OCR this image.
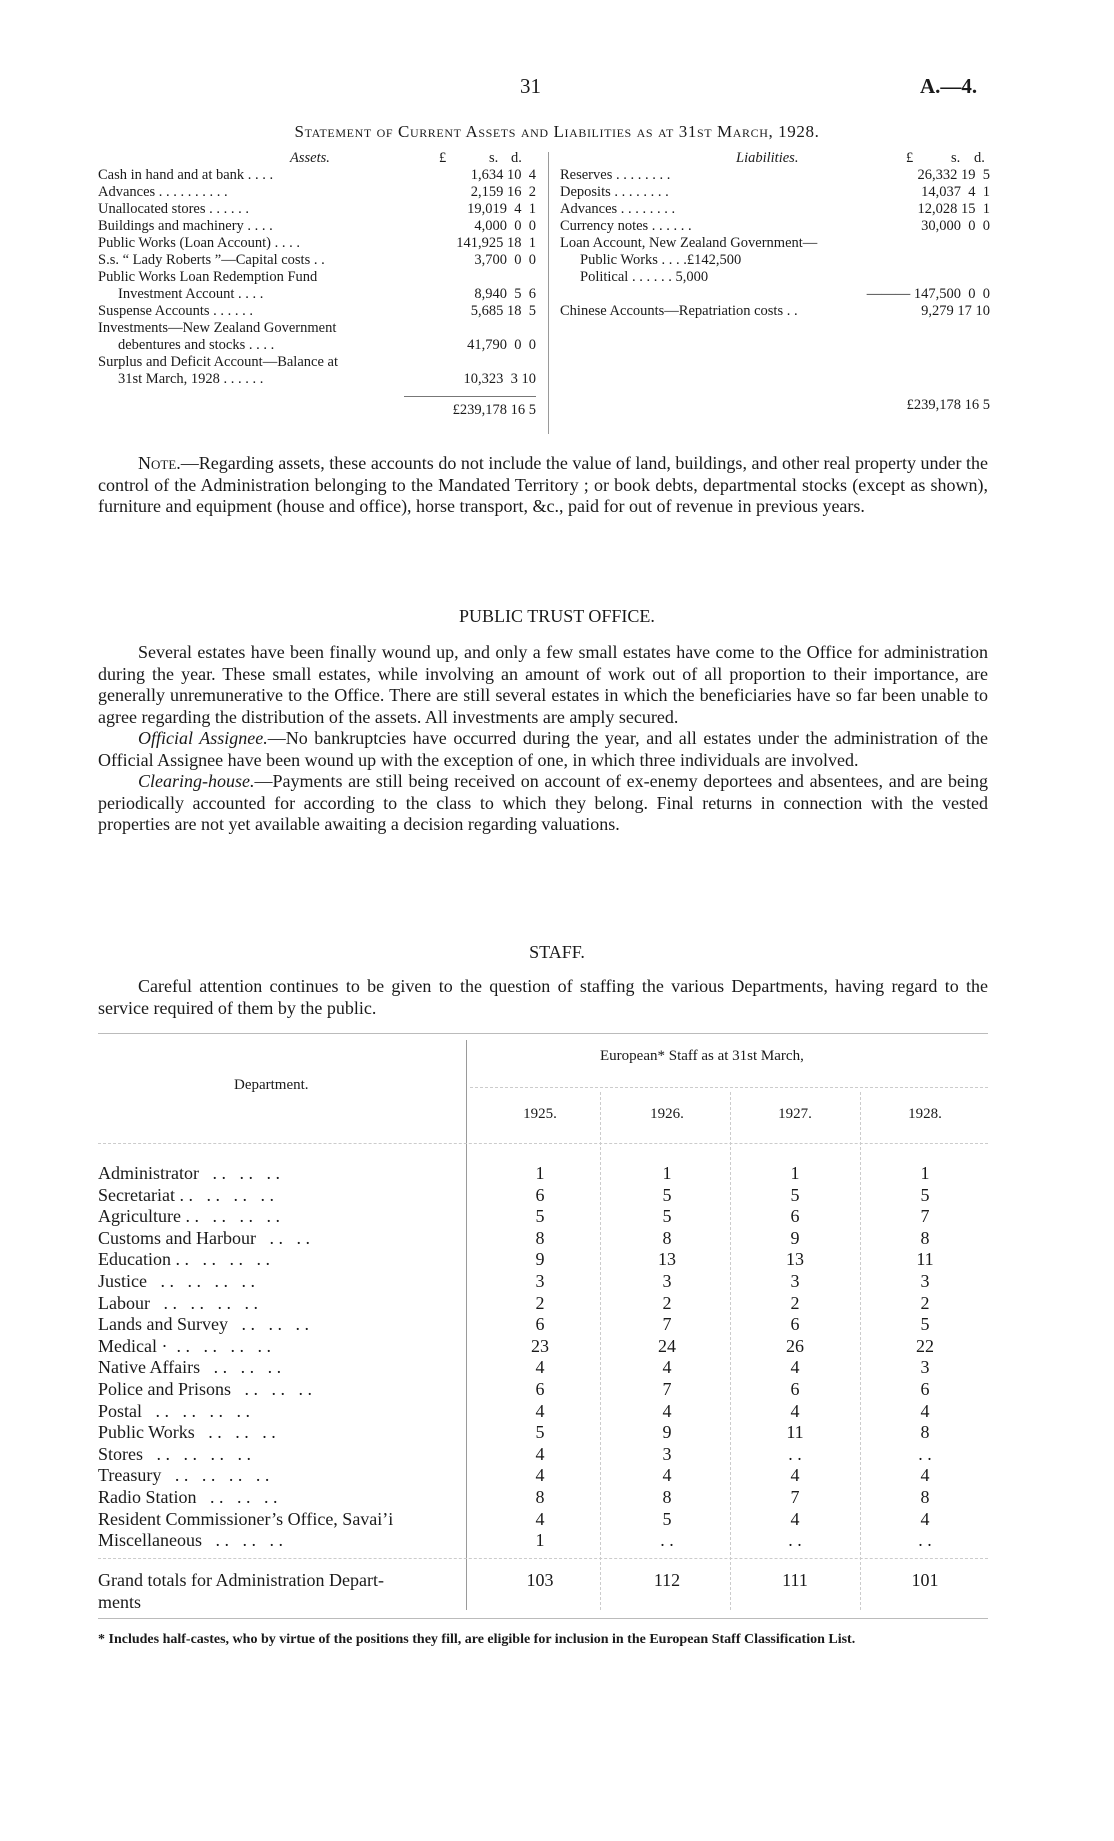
31	A.—4.
Statement of Current Assets and Liabilities as at 31st March, 1928.
Assets.	£	s. d.
Cash in hand and at bank . . . .	1,634 10  4
Advances . . . . . . . . . .	2,159 16  2
Unallocated stores . . . . . .	19,019  4  1
Buildings and machinery . . . .	4,000  0  0
Public Works (Loan Account) . . . .	141,925 18  1
S.s. “ Lady Roberts ”—Capital costs . .	3,700  0  0
Public Works Loan Redemption Fund
Investment Account . . . .	8,940  5  6
Suspense Accounts . . . . . .	5,685 18  5
Investments—New Zealand Government
debentures and stocks . . . .	41,790  0  0
Surplus and Deficit Account—Balance at
31st March, 1928 . . . . . .	10,323  3 10
£239,178 16 5
Liabilities.	£	s. d.
Reserves . . . . . . . .	26,332 19  5
Deposits . . . . . . . .	14,037  4  1
Advances . . . . . . . .	12,028 15  1
Currency notes . . . . . .	30,000  0  0
Loan Account, New Zealand Government—
Public Works . . . .£142,500
Political . . . . . . 5,000
——— 147,500  0  0
Chinese Accounts—Repatriation costs . .	9,279 17 10
£239,178 16 5
Note.—Regarding assets, these accounts do not include the value of land, buildings, and other real property under the control of the Administration belonging to the Mandated Territory ; or book debts, departmental stocks (except as shown), furniture and equipment (house and office), horse transport, &c., paid for out of revenue in previous years.
PUBLIC TRUST OFFICE.

Several estates have been finally wound up, and only a few small estates have come to the Office for administration during the year. These small estates, while involving an amount of work out of all proportion to their importance, are generally unremunerative to the Office. There are still several estates in which the beneficiaries have so far been unable to agree regarding the distribution of the assets. All investments are amply secured.

Official Assignee.—No bankruptcies have occurred during the year, and all estates under the administration of the Official Assignee have been wound up with the exception of one, in which three individuals are involved.

Clearing-house.—Payments are still being received on account of ex-enemy deportees and absentees, and are being periodically accounted for according to the class to which they belong. Final returns in connection with the vested properties are not yet available awaiting a decision regarding valuations.

STAFF.

Careful attention continues to be given to the question of staffing the various Departments, having regard to the service required of them by the public.

Department.
European* Staff as at 31st March,
1925.	1926.	1927.	1928.
Administrator   . .   . .   . .	1	1	1	1
Secretariat . .   . .   . .   . .	6	5	5	5
Agriculture . .   . .   . .   . .	5	5	6	7
Customs and Harbour   . .   . .	8	8	9	8
Education . .   . .   . .   . .	9	13	13	11
Justice   . .   . .   . .   . .	3	3	3	3
Labour   . .   . .   . .   . .	2	2	2	2
Lands and Survey   . .   . .   . .	6	7	6	5
Medical ·  . .   . .   . .   . .	23	24	26	22
Native Affairs   . .   . .   . .	4	4	4	3
Police and Prisons   . .   . .   . .	6	7	6	6
Postal   . .   . .   . .   . .	4	4	4	4
Public Works   . .   . .   . .	5	9	11	8
Stores   . .   . .   . .   . .	4	3	. .	. .
Treasury   . .   . .   . .   . .	4	4	4	4
Radio Station   . .   . .   . .	8	8	7	8
Resident Commissioner’s Office, Savai’i	4	5	4	4
Miscellaneous   . .   . .   . .	1	. .	. .	. .
Grand totals for Administration Depart-
ments
103	112	111	101
* Includes half-castes, who by virtue of the positions they fill, are eligible for inclusion in the European Staff Classification List.
